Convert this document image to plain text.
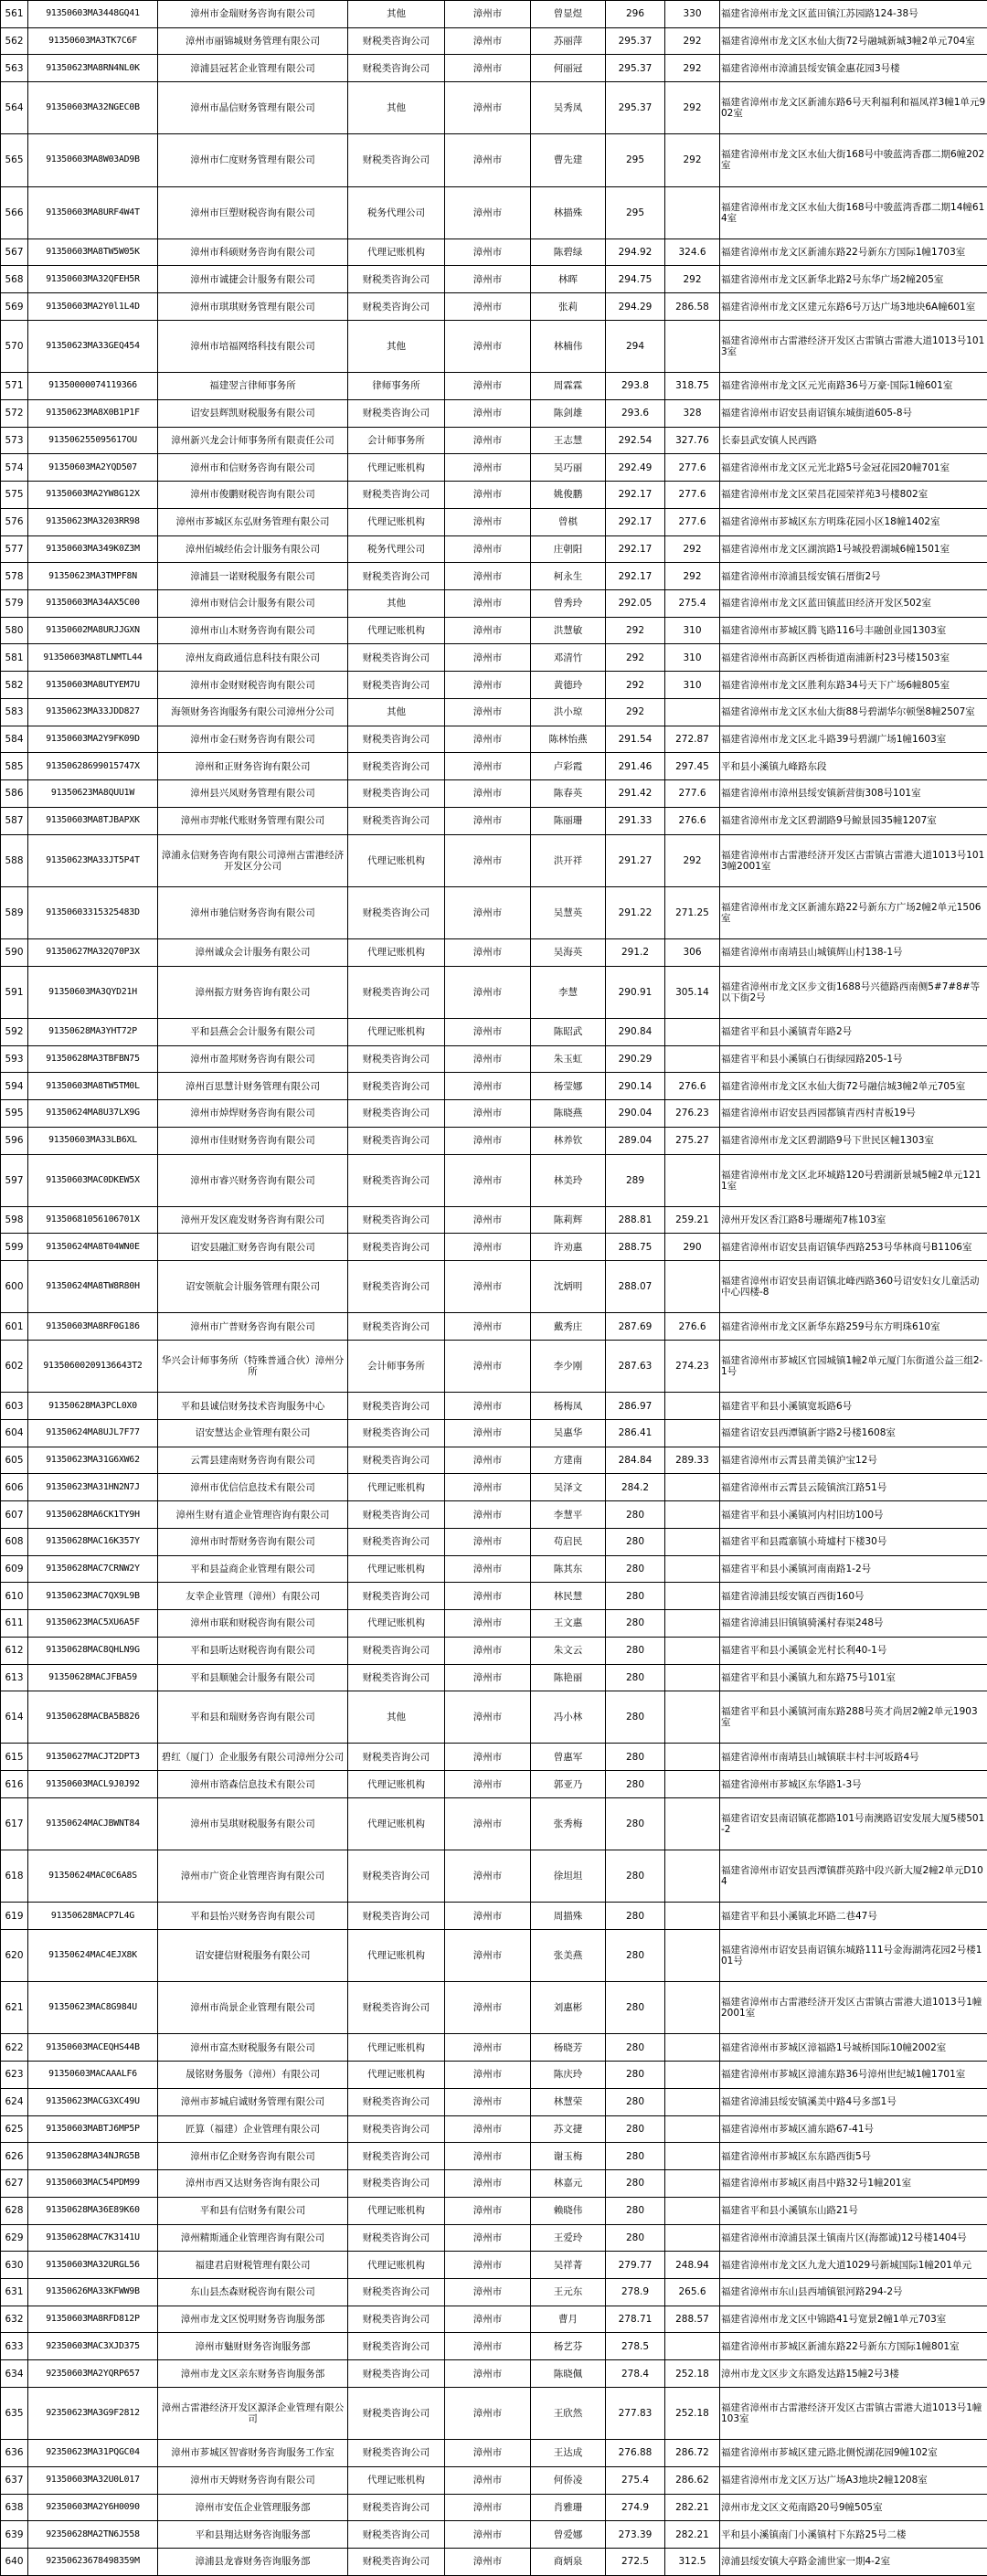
561	91350603MA3448GQ41	漳州市金瑞财务咨询有限公司	其他	漳州市	曾显煜	296	330	福建省漳州市龙文区蓝田镇江苏园路124-38号
562	91350603MA3TK7C6F	漳州市丽锦城财务管理有限公司	财税类咨询公司	漳州市	苏丽萍	295.37	292	福建省漳州市龙文区水仙大街72号融城新城3幢2单元704室
563	91350623MA8RN4NL0K	漳浦县冠茗企业管理有限公司	财税类咨询公司	漳州市	何丽冠	295.37	292	福建省漳州市漳浦县绥安镇金惠花园3号楼
564	91350603MA32NGEC0B	漳州市晶信财务管理有限公司	其他	漳州市	吴秀凤	295.37	292	福建省漳州市龙文区新浦东路6号天利福利和福凤祥3幢1单元902室
565	91350603MA8W03AD9B	漳州市仁度财务管理有限公司	财税类咨询公司	漳州市	曹先建	295	292	福建省漳州市龙文区水仙大街168号中骏蓝湾香郡二期6幢202室
566	91350603MA8URF4W4T	漳州市巨塑财税咨询有限公司	税务代理公司	漳州市	林描殊	295		福建省漳州市龙文区水仙大街168号中骏蓝湾香郡二期14幢614室
567	91350603MA8TW5W05K	漳州市科硕财务咨询有限公司	代理记账机构	漳州市	陈碧绿	294.92	324.6	福建省漳州市龙文区新浦东路22号新东方国际1幢1703室
568	91350603MA32QFEH5R	漳州市诚捷会计服务有限公司	财税类咨询公司	漳州市	林晖	294.75	292	福建省漳州市龙文区新华北路2号东华广场2幢205室
569	91350603MA2Y0l1L4D	漳州市琪琪财务管理有限公司	财税类咨询公司	漳州市	张莉	294.29	286.58	福建省漳州市龙文区建元东路6号万达广场3地块6A幢601室
570	91350623MA33GEQ454	漳州市培福网络科技有限公司	其他	漳州市	林楠伟	294		福建省漳州市古雷港经济开发区古雷镇古雷港大道1013号1013室
571	91350000074119366	福建翌言律师事务所	律师事务所	漳州市	周霖霖	293.8	318.75	福建省漳州市龙文区元光南路36号万豪·国际1幢601室
572	91350623MA8X0B1P1F	诏安县辉凯财税服务有限公司	财税类咨询公司	漳州市	陈剑雄	293.6	328	福建省漳州市诏安县南诏镇东城街道605-8号
573	913506255095617OU	漳州新兴龙会计师事务所有限责任公司	会计师事务所	漳州市	王志慧	292.54	327.76	长泰县武安镇人民西路
574	91350603MA2YQD507	漳州市和信财务咨询有限公司	代理记账机构	漳州市	吴巧丽	292.49	277.6	福建省漳州市龙文区元光北路5号金冠花园20幢701室
575	91350603MA2YW8G12X	漳州市俊鹏财税咨询有限公司	财税类咨询公司	漳州市	姚俊鹏	292.17	277.6	福建省漳州市龙文区荣昌花园荣祥苑3号楼802室
576	91350623MA3203RR98	漳州市芗城区东弘财务管理有限公司	代理记账机构	漳州市	曾棋	292.17	277.6	福建省漳州市芗城区东方明珠花园小区18幢1402室
577	91350603MA349K0Z3M	漳州佰城经佑会计服务有限公司	税务代理公司	漳州市	庄朝阳	292.17	292	福建省漳州市龙文区湖滨路1号城投碧湖城6幢1501室
578	91350623MA3TMPF8N	漳浦县一诺财税服务有限公司	财税类咨询公司	漳州市	柯永生	292.17	292	福建省漳州市漳浦县绥安镇石厝街2号
579	91350603MA34AX5C00	漳州市财信会计服务有限公司	其他	漳州市	曾秀玲	292.05	275.4	福建省漳州市龙文区蓝田镇蓝田经济开发区502室
580	91350602MA8URJJGXN	漳州市山木财务咨询有限公司	代理记账机构	漳州市	洪慧敏	292	310	福建省漳州市芗城区腾飞路116号丰融创业园1303室
581	91350603MA8TLNMTL44	漳州友商政通信息科技有限公司	财税类咨询公司	漳州市	邓清竹	292	310	福建省漳州市高新区西桥街道南浦新村23号楼1503室
582	91350603MA8UTYEM7U	漳州市金财财税咨询有限公司	财税类咨询公司	漳州市	黄德玲	292	310	福建省漳州市龙文区胜利东路34号天下广场6幢805室
583	91350623MA33JDD827	海领财务咨询服务有限公司漳州分公司	其他	漳州市	洪小琼	292		福建省漳州市龙文区水仙大街88号碧湖华尔顿堡8幢2507室
584	91350603MA2Y9FK09D	漳州市金石财务咨询有限公司	财税类咨询公司	漳州市	陈林怡燕	291.54	272.87	福建省漳州市龙文区北斗路39号碧湖广场1幢1603室
585	91350628699015747X	漳州和正财务咨询有限公司	财税类咨询公司	漳州市	卢彩霞	291.46	297.45	平和县小溪镇九峰路东段
586	91350623MA8QUU1W	漳州县兴凤财务管理有限公司	财税类咨询公司	漳州市	陈春英	291.42	277.6	福建省漳州市漳州县绥安镇新营街308号101室
587	91350603MA8TJBAPXK	漳州市羿帐代账财务管理有限公司	财税类咨询公司	漳州市	陈丽珊	291.33	276.6	福建省漳州市龙文区碧湖路9号鲸景园35幢1207室
588	91350623MA33JT5P4T	漳浦永信财务咨询有限公司漳州古雷港经济开发区分公司	代理记账机构	漳州市	洪开祥	291.27	292	福建省漳州市古雷港经济开发区古雷镇古雷港大道1013号1013幢2001室
589	91350603315325483D	漳州市驰信财务咨询有限公司	财税类咨询公司	漳州市	吴慧英	291.22	271.25	福建省漳州市龙文区新浦东路22号新东方广场2幢2单元1506室
590	91350627MA32Q70P3X	漳州诚众会计服务有限公司	代理记账机构	漳州市	吴海英	291.2	306	福建省漳州市南靖县山城镇辉山村138-1号
591	91350603MA3QYD21H	漳州振方财务咨询有限公司	财税类咨询公司	漳州市	李慧	290.91	305.14	福建省漳州市龙文区步文街1688号兴德路西南侧5#7#8#等以下街2号
592	91350628MA3YHT72P	平和县燕会会计服务有限公司	代理记账机构	漳州市	陈昭武	290.84		福建省平和县小溪镇青年路2号
593	91350628MA3TBFBN75	漳州市盈邦财务咨询有限公司	财税类咨询公司	漳州市	朱玉虹	290.29		福建省平和县小溪镇白石街绿园路205-1号
594	91350603MA8TW5TM0L	漳州百思慧计财务管理有限公司	财税类咨询公司	漳州市	杨莹娜	290.14	276.6	福建省漳州市龙文区水仙大街72号融信城3幢2单元705室
595	91350624MA8U37LX9G	漳州市焯焊财务咨询有限公司	财税类咨询公司	漳州市	陈晓燕	290.04	276.23	福建省漳州市诏安县西园都镇青西村青板19号
596	91350603MA33LB6XL	漳州市佳财财务咨询有限公司	财税类咨询公司	漳州市	林养钦	289.04	275.27	福建省漳州市龙文区碧湖路9号下世民区幢1303室
597	91350603MAC0DKEW5X	漳州市睿兴财务咨询有限公司	财税类咨询公司	漳州市	林美玲	289		福建省漳州市龙文区北环城路120号碧湖新景城5幢2单元1211室
598	91350681056106701X	漳州开发区鹿发财务咨询有限公司	财税类咨询公司	漳州市	陈莉辉	288.81	259.21	漳州开发区香江路8号珊瑚苑7栋103室
599	91350624MA8T04WN0E	诏安县融汇财务咨询有限公司	财税类咨询公司	漳州市	许劝惠	288.75	290	福建省漳州市诏安县南诏镇华西路253号华林商号B1106室
600	91350624MA8TW8R80H	诏安领航会计服务管理有限公司	财税类咨询公司	漳州市	沈炳明	288.07		福建省漳州市诏安县南诏镇北峰西路360号诏安妇女儿童活动中心四楼-8
601	91350603MA8RF0G186	漳州市广普财务咨询有限公司	财税类咨询公司	漳州市	戴秀庄	287.69	276.6	福建省漳州市龙文区新华东路259号东方明珠610室
602	91350600209136643T2	华兴会计师事务所（特殊普通合伙）漳州分所	会计师事务所	漳州市	李少刚	287.63	274.23	福建省漳州市芗城区官园城镇1幢2单元厦门东街道公益三组2-1号
603	91350628MA3PCL0X0	平和县诚信财务技术咨询服务中心	财税类咨询公司	漳州市	杨梅凤	286.97		福建省平和县小溪镇宽坂路6号
604	91350624MA8UJL7F77	诏安慧达企业管理有限公司	财税类咨询公司	漳州市	吴惠华	286.41		福建省诏安县西潭镇新宇路2号楼1608室
605	91350623MA31G6XW62	云霄县建南财务咨询有限公司	财税类咨询公司	漳州市	方建南	284.84	289.33	福建省漳州市云霄县莆美镇沪宝12号
606	91350623MA31HN2N7J	漳州市优信信息技术有限公司	代理记账机构	漳州市	吴泽文	284.2		福建省漳州市云霄县云陵镇滨江路51号
607	91350628MA6CK1TY9H	漳州生财有道企业管理咨询有限公司	财税类咨询公司	漳州市	李慧平	280		福建省平和县小溪镇河内村旧坊100号
608	91350628MAC16K357Y	漳州市时帮财务咨询有限公司	财税类咨询公司	漳州市	苟启民	280		福建省平和县霞寨镇小琦墟村下楼30号
609	91350628MAC7CRNW2Y	平和县益商企业管理有限公司	代理记账机构	漳州市	陈其东	280		福建省平和县小溪镇河南南路1-2号
610	91350623MAC7QX9L9B	友幸企业管理（漳州）有限公司	财税类咨询公司	漳州市	林民慧	280		福建省漳浦县绥安镇百西街160号
611	91350623MAC5XU6A5F	漳州市联和财税咨询有限公司	代理记账机构	漳州市	王文惠	280		福建省漳浦县旧镇镇骑溪村春渠248号
612	91350628MAC8QHLN9G	平和县昕达财税咨询有限公司	财税类咨询公司	漳州市	朱文云	280		福建省平和县小溪镇金光村长利40-1号
613	91350628MACJFBA59	平和县顺驰会计服务有限公司	财税类咨询公司	漳州市	陈艳丽	280		福建省平和县小溪镇九和东路75号101室
614	91350628MACBA5B826	平和县和瑞财务咨询有限公司	其他	漳州市	冯小林	280		福建省平和县小溪镇河南东路288号英才尚居2幢2单元1903室
615	91350627MACJT2DPT3	碧红（厦门）企业服务有限公司漳州分公司	财税类咨询公司	漳州市	曾惠军	280		福建省漳州市南靖县山城镇联丰村丰河坂路4号
616	91350603MACL9J0J92	漳州市谘森信息技术有限公司	代理记账机构	漳州市	郭亚乃	280		福建省漳州市芗城区东华路1-3号
617	91350624MACJBWNT84	漳州市昊琪财税服务有限公司	代理记账机构	漳州市	张秀梅	280		福建省诏安县南诏镇花都路101号南澳路诏安发展大厦5楼501-2
618	91350624MAC0C6A8S	漳州市广资企业管理咨询有限公司	财税类咨询公司	漳州市	徐坦坦	280		福建省漳州市诏安县西潭镇群英路中段兴新大厦2幢2单元D104
619	91350628MACP7L4G	平和县怡兴财务咨询有限公司	财税类咨询公司	漳州市	周描殊	280		福建省平和县小溪镇北环路二巷47号
620	91350624MAC4EJX8K	诏安捷信财税服务有限公司	代理记账机构	漳州市	张美燕	280		福建省漳州市诏安县南诏镇东城路111号金海湖湾花园2号楼101号
621	91350623MAC8G984U	漳州市尚景企业管理有限公司	财税类咨询公司	漳州市	刘惠彬	280		福建省漳州市古雷港经济开发区古雷镇古雷港大道1013号1幢2001室
622	91350603MACEQHS44B	漳州市富杰财税服务有限公司	代理记账机构	漳州市	杨晓芳	280		福建省漳州市芗城区漳福路1号城桥国际10幢2002室
623	91350603MACAAALF6	晟铭财务服务（漳州）有限公司	代理记账机构	漳州市	陈庆玲	280		福建省漳州市芗城区漳浦东路36号漳州世纪城1幢1701室
624	91350623MACG3XC49U	漳州市芗城启诚财务管理有限公司	财税类咨询公司	漳州市	林慧荣	280		福建省漳浦县绥安镇溪美中路4号多部1号
625	91350603MABTJ6MP5P	匠算（福建）企业管理有限公司	财税类咨询公司	漳州市	苏文捷	280		福建省漳州市芗城区浦东路67-41号
626	91350628MA34NJRG5B	漳州市亿企财务咨询有限公司	财税类咨询公司	漳州市	谢玉梅	280		福建省漳州市芗城区东东路西街5号
627	91350603MAC54PDM99	漳州市西又达财务咨询有限公司	财税类咨询公司	漳州市	林嘉元	280		福建省漳州市芗城区南昌中路32号1幢201室
628	91350628MA36E89K60	平和县有信财务有限公司	代理记账机构	漳州市	赖晓伟	280		福建省平和县小溪镇东山路21号
629	91350628MAC7K3141U	漳州精斯通企业管理咨询有限公司	财税类咨询公司	漳州市	王爱玲	280		福建省漳州市漳浦县深土镇南片区(海都诚)12号楼1404号
630	91350603MA32URGL56	福建君启财税管理有限公司	代理记账机构	漳州市	吴祥菁	279.77	248.94	福建省漳州市龙文区九龙大道1029号新城国际1幢201单元
631	91350626MA33KFWW9B	东山县杰森财税咨询有限公司	财税类咨询公司	漳州市	王元东	278.9	265.6	福建省漳州市东山县西埔镇银河路294-2号
632	91350603MA8RFD812P	漳州市龙文区悦明财务咨询服务部	财税类咨询公司	漳州市	曹月	278.71	288.57	福建省漳州市龙文区中锦路41号宽景2幢1单元703室
633	92350603MAC3XJD375	漳州市魅财财务咨询服务部	财税类咨询公司	漳州市	杨艺芬	278.5		福建省漳州市芗城区新浦东路22号新东方国际1幢801室
634	92350603MA2YQRP657	漳州市龙文区亲东财务咨询服务部	财税类咨询公司	漳州市	陈晓佩	278.4	252.18	漳州市龙文区步文东路发达路15幢2号3楼
635	92350623MA3G9F2812	漳州古雷港经济开发区源泽企业管理有限公司	财税类咨询公司	漳州市	王欣然	277.83	252.18	福建省漳州市古雷港经济开发区古雷镇古雷港大道1013号1幢103室
636	92350623MA31PQGC04	漳州市芗城区智睿财务咨询服务工作室	财税类咨询公司	漳州市	王达成	276.88	286.72	福建省漳州市芗城区建元路北侧悦湖花园9幢102室
637	91350603MA32U0L017	漳州市天姆财务咨询有限公司	代理记账机构	漳州市	何侨凌	275.4	286.62	福建省漳州市龙文区万达广场A3地块2幢1208室
638	92350603MA2Y6H0090	漳州市安伍企业管理服务部	财税类咨询公司	漳州市	肖雅珊	274.9	282.21	漳州市龙文区文苑南路20号9幢505室
639	92350628MA2TN6J558	平和县翔达财务咨询服务部	财税类咨询公司	漳州市	曾爱娜	273.39	282.21	平和县小溪镇南门小溪镇村下东路25号二楼
640	9235062367849835‌9M	漳浦县龙睿财务咨询服务部	财税类咨询公司	漳州市	商炳泉	272.5	312.5	漳浦县绥安镇大亭路金浦世家一期4-2室
